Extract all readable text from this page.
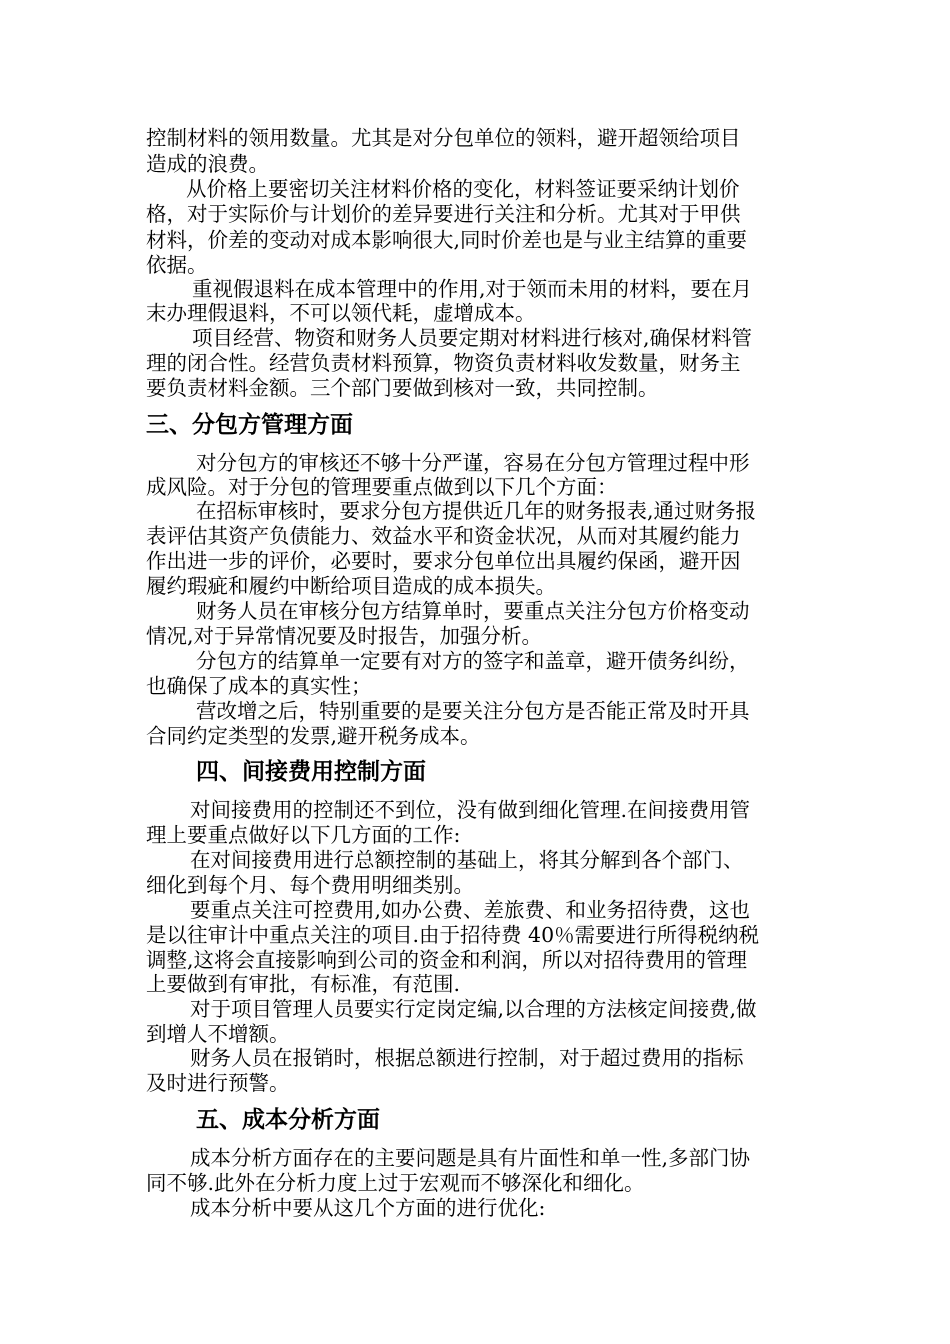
控制材料的领用数量。尤其是对分包单位的领料，避开超领给项目
造成的浪费。
从价格上要密切关注材料价格的变化，材料签证要采纳计划价
格，对于实际价与计划价的差异要进行关注和分析。尤其对于甲供
材料，价差的变动对成本影响很大,同时价差也是与业主结算的重要
依据。
重视假退料在成本管理中的作用,对于领而未用的材料，要在月
末办理假退料，不可以领代耗，虚增成本。
项目经营、物资和财务人员要定期对材料进行核对,确保材料管
理的闭合性。经营负责材料预算，物资负责材料收发数量，财务主
要负责材料金额。三个部门要做到核对一致，共同控制。
三、分包方管理方面
对分包方的审核还不够十分严谨，容易在分包方管理过程中形
成风险。对于分包的管理要重点做到以下几个方面：
在招标审核时，要求分包方提供近几年的财务报表,通过财务报
表评估其资产负债能力、效益水平和资金状况，从而对其履约能力
作出进一步的评价，必要时，要求分包单位出具履约保函，避开因
履约瑕疵和履约中断给项目造成的成本损失。
财务人员在审核分包方结算单时，要重点关注分包方价格变动
情况,对于异常情况要及时报告，加强分析。
分包方的结算单一定要有对方的签字和盖章，避开债务纠纷，
也确保了成本的真实性；
营改增之后，特别重要的是要关注分包方是否能正常及时开具
合同约定类型的发票,避开税务成本。
四、间接费用控制方面
对间接费用的控制还不到位，没有做到细化管理.在间接费用管
理上要重点做好以下几方面的工作:
在对间接费用进行总额控制的基础上，将其分解到各个部门、
细化到每个月、每个费用明细类别。
要重点关注可控费用,如办公费、差旅费、和业务招待费，这也
是以往审计中重点关注的项目.由于招待费 40％需要进行所得税纳税
调整,这将会直接影响到公司的资金和利润，所以对招待费用的管理
上要做到有审批，有标准，有范围.
对于项目管理人员要实行定岗定编,以合理的方法核定间接费,做
到增人不增额。
财务人员在报销时，根据总额进行控制，对于超过费用的指标
及时进行预警。
五、成本分析方面
成本分析方面存在的主要问题是具有片面性和单一性,多部门协
同不够.此外在分析力度上过于宏观而不够深化和细化。
成本分析中要从这几个方面的进行优化:
